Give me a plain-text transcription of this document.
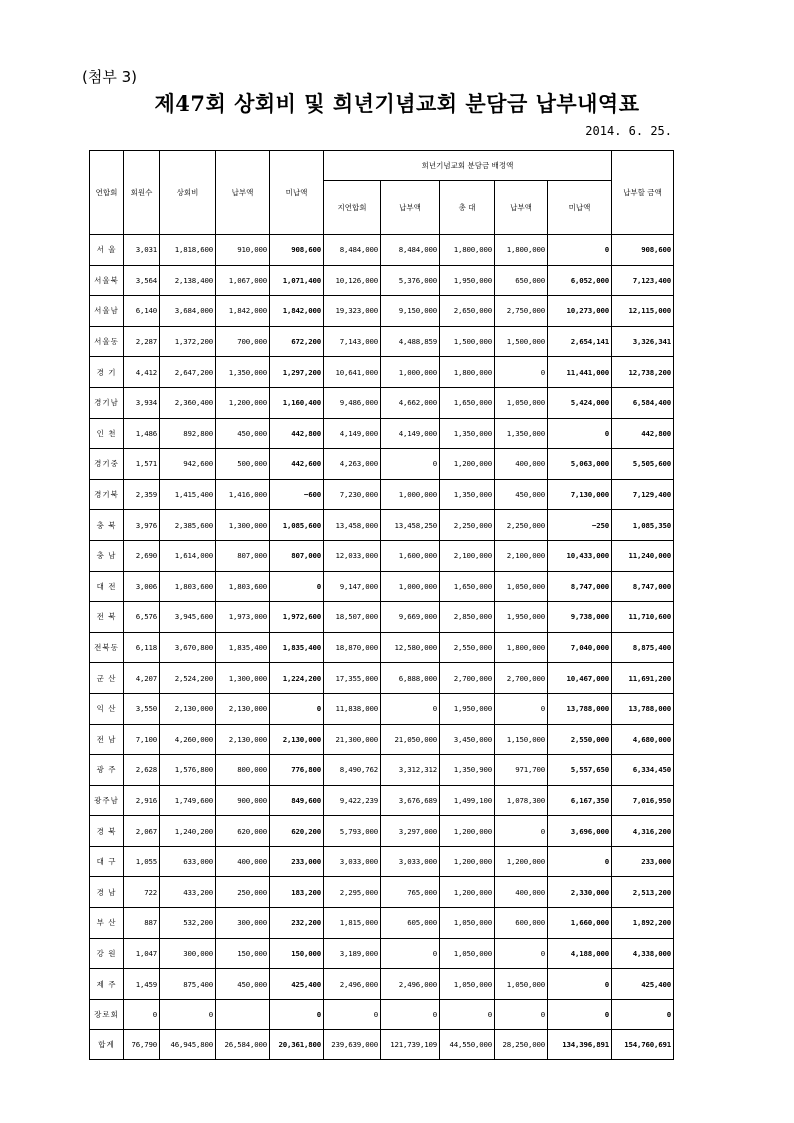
(첨부 3)
제47회 상회비 및 희년기념교회 분담금 납부내역표
2014. 6. 25.
연합회	회원수	상회비	납부액	미납액	희년기념교회 분담금 배정액					납부할 금액
					지연합회	납부액	총 대	납부액	미납액	
서 울	3,031	1,818,600	910,000	908,600	8,484,000	8,484,000	1,800,000	1,800,000	0	908,600
서울북	3,564	2,138,400	1,067,000	1,071,400	10,126,000	5,376,000	1,950,000	650,000	6,052,000	7,123,400
서울남	6,140	3,684,000	1,842,000	1,842,000	19,323,000	9,150,000	2,650,000	2,750,000	10,273,000	12,115,000
서울동	2,287	1,372,200	700,000	672,200	7,143,000	4,488,859	1,500,000	1,500,000	2,654,141	3,326,341
경 기	4,412	2,647,200	1,350,000	1,297,200	10,641,000	1,000,000	1,800,000	0	11,441,000	12,738,200
경기남	3,934	2,360,400	1,200,000	1,160,400	9,486,000	4,662,000	1,650,000	1,050,000	5,424,000	6,584,400
인 천	1,486	892,800	450,000	442,800	4,149,000	4,149,000	1,350,000	1,350,000	0	442,800
경기중	1,571	942,600	500,000	442,600	4,263,000	0	1,200,000	400,000	5,063,000	5,505,600
경기북	2,359	1,415,400	1,416,000	−600	7,230,000	1,000,000	1,350,000	450,000	7,130,000	7,129,400
충 북	3,976	2,385,600	1,300,000	1,085,600	13,458,000	13,458,250	2,250,000	2,250,000	−250	1,085,350
충 남	2,690	1,614,000	807,000	807,000	12,033,000	1,600,000	2,100,000	2,100,000	10,433,000	11,240,000
대 전	3,006	1,803,600	1,803,600	0	9,147,000	1,000,000	1,650,000	1,050,000	8,747,000	8,747,000
전 북	6,576	3,945,600	1,973,000	1,972,600	18,507,000	9,669,000	2,850,000	1,950,000	9,738,000	11,710,600
전북동	6,118	3,670,800	1,835,400	1,835,400	18,870,000	12,580,000	2,550,000	1,800,000	7,040,000	8,875,400
군 산	4,207	2,524,200	1,300,000	1,224,200	17,355,000	6,888,000	2,700,000	2,700,000	10,467,000	11,691,200
익 산	3,550	2,130,000	2,130,000	0	11,838,000	0	1,950,000	0	13,788,000	13,788,000
전 남	7,100	4,260,000	2,130,000	2,130,000	21,300,000	21,050,000	3,450,000	1,150,000	2,550,000	4,680,000
광 주	2,628	1,576,800	800,000	776,800	8,490,762	3,312,312	1,350,900	971,700	5,557,650	6,334,450
광주남	2,916	1,749,600	900,000	849,600	9,422,239	3,676,689	1,499,100	1,078,300	6,167,350	7,016,950
경 북	2,067	1,240,200	620,000	620,200	5,793,000	3,297,000	1,200,000	0	3,696,000	4,316,200
대 구	1,055	633,000	400,000	233,000	3,033,000	3,033,000	1,200,000	1,200,000	0	233,000
경 남	722	433,200	250,000	183,200	2,295,000	765,000	1,200,000	400,000	2,330,000	2,513,200
부 산	887	532,200	300,000	232,200	1,815,000	605,000	1,050,000	600,000	1,660,000	1,892,200
강 원	1,047	300,000	150,000	150,000	3,189,000	0	1,050,000	0	4,188,000	4,338,000
제 주	1,459	875,400	450,000	425,400	2,496,000	2,496,000	1,050,000	1,050,000	0	425,400
장로회	0	0		0	0	0	0	0	0	0
합계	76,790	46,945,800	26,584,000	20,361,800	239,639,000	121,739,109	44,550,000	28,250,000	134,396,891	154,760,691
